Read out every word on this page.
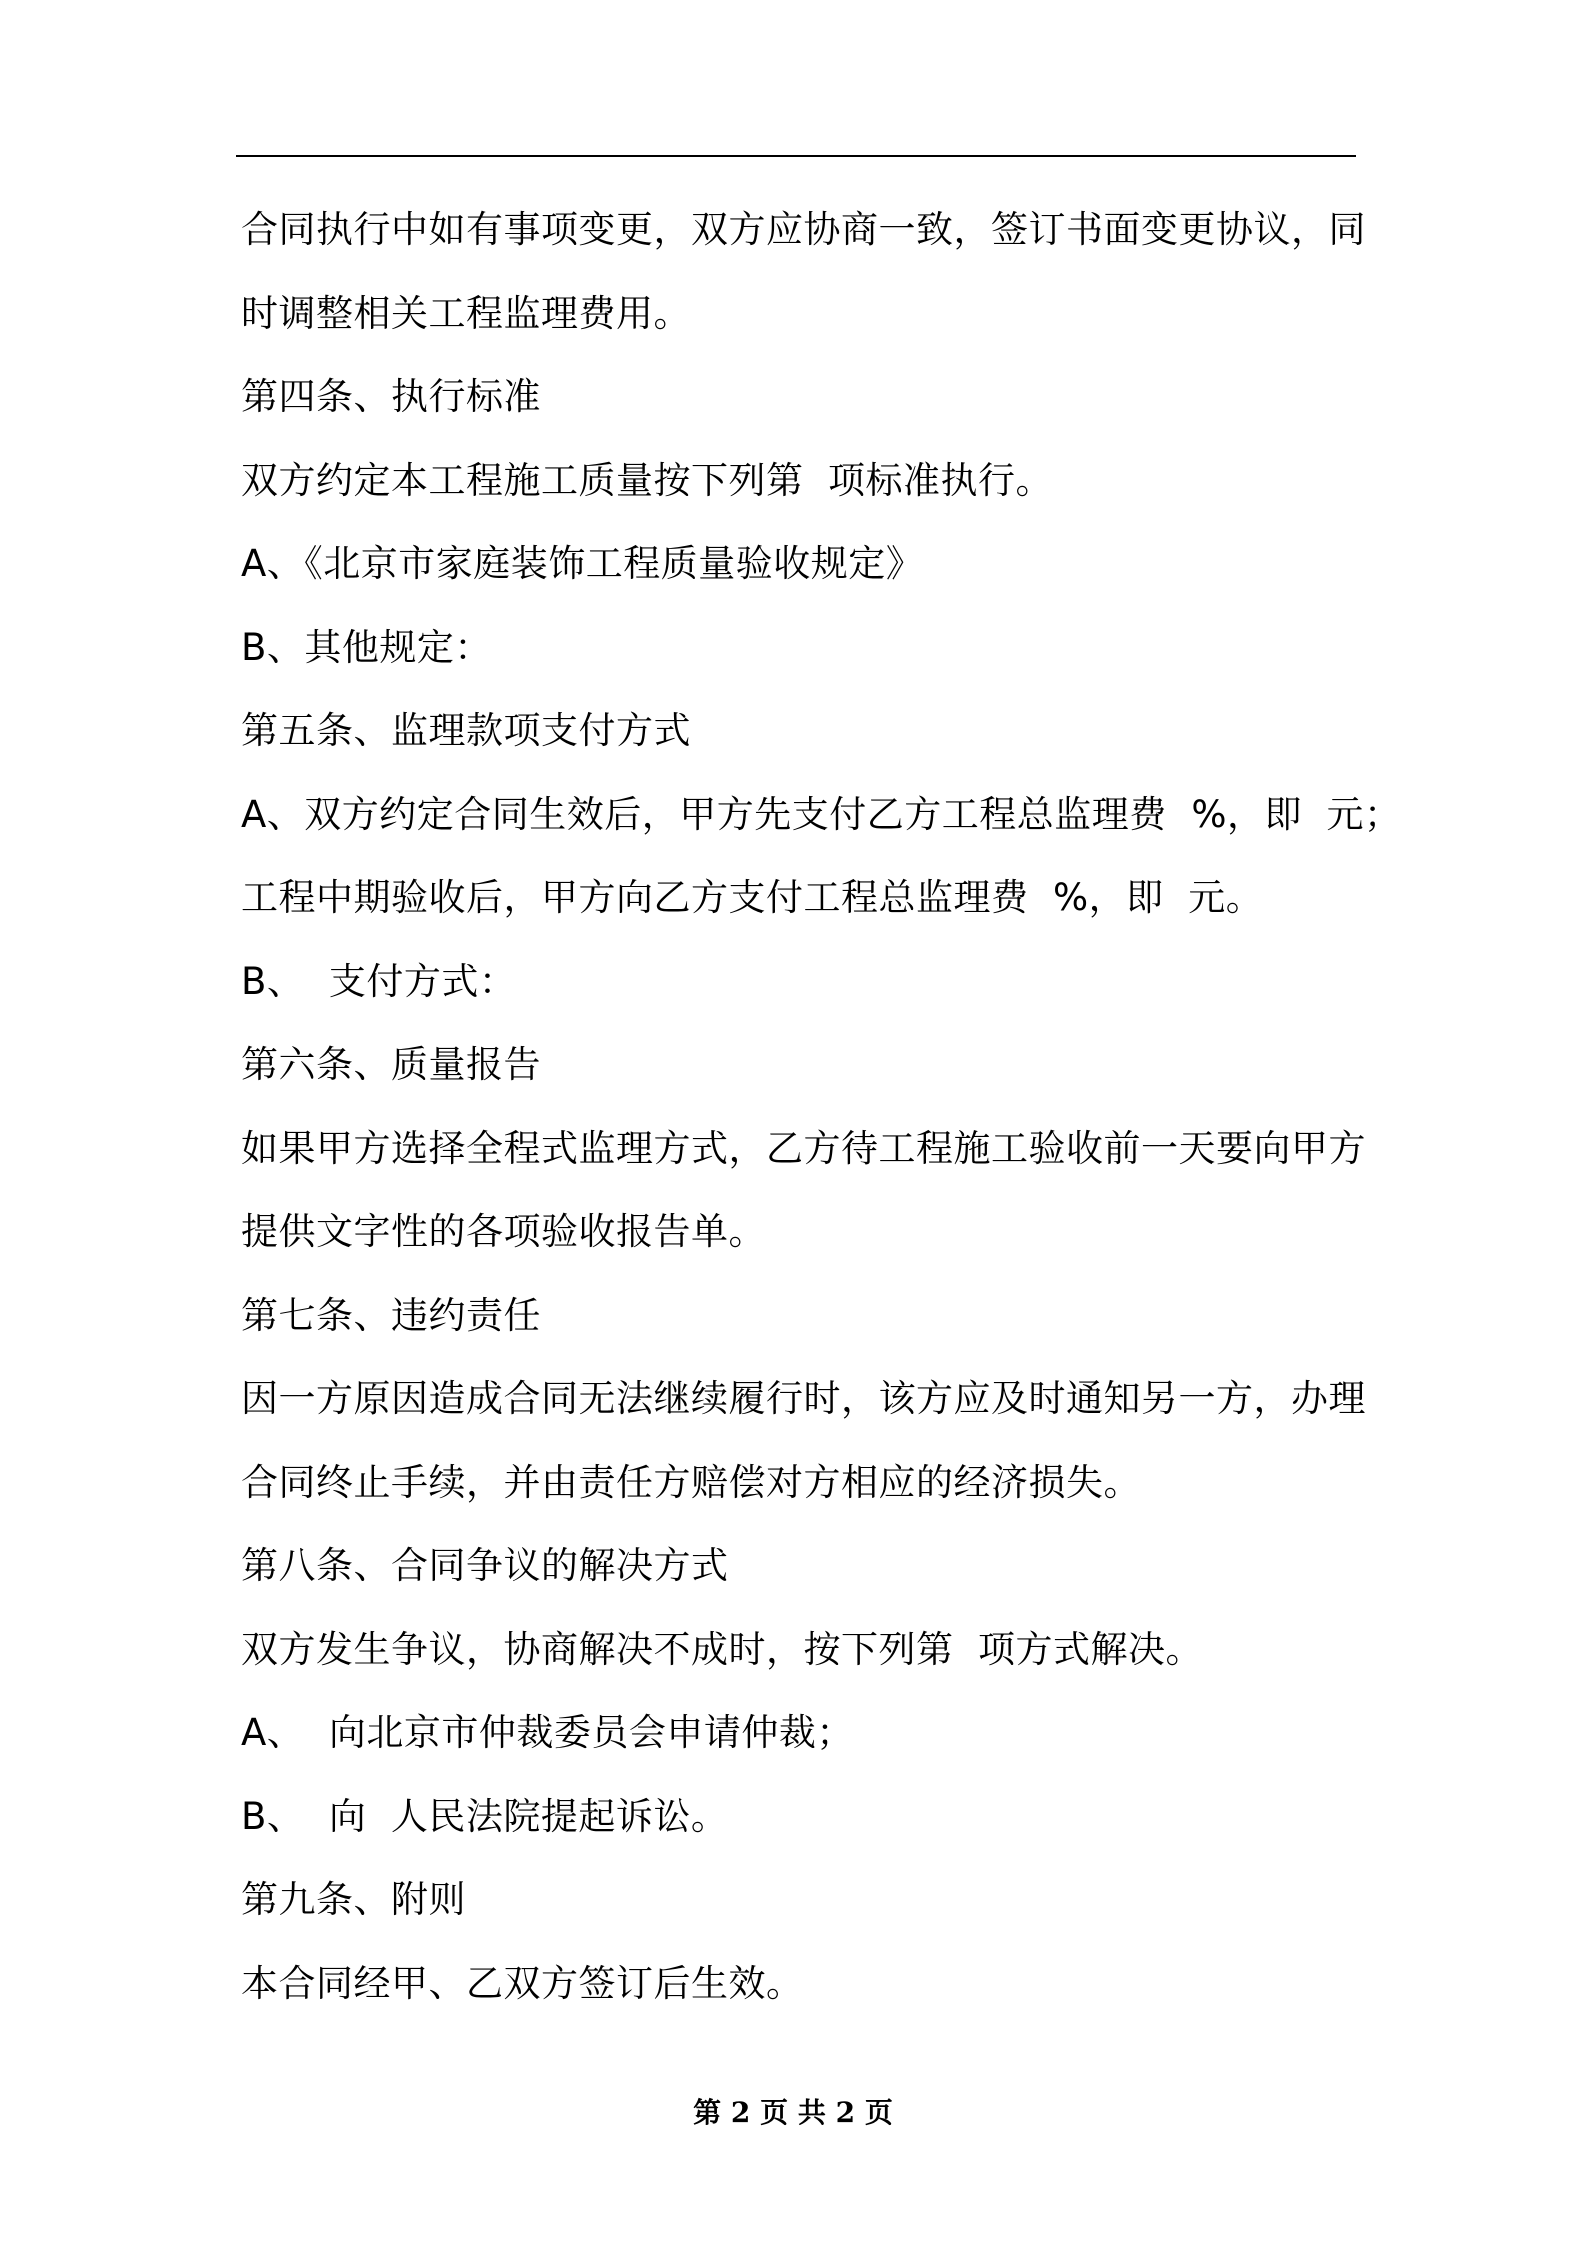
合同执行中如有事项变更，双方应协商一致，签订书面变更协议，同
时调整相关工程监理费用。
第四条、执行标准
双方约定本工程施工质量按下列第  项标准执行。
A、《北京市家庭装饰工程质量验收规定》
B、其他规定：
第五条、监理款项支付方式
A、双方约定合同生效后，甲方先支付乙方工程总监理费  %，即  元；
工程中期验收后，甲方向乙方支付工程总监理费  %，即  元。
B、  支付方式：
第六条、质量报告
如果甲方选择全程式监理方式，乙方待工程施工验收前一天要向甲方
提供文字性的各项验收报告单。
第七条、违约责任
因一方原因造成合同无法继续履行时，该方应及时通知另一方，办理
合同终止手续，并由责任方赔偿对方相应的经济损失。
第八条、合同争议的解决方式
双方发生争议，协商解决不成时，按下列第  项方式解决。
A、  向北京市仲裁委员会申请仲裁；
B、  向  人民法院提起诉讼。
第九条、附则
本合同经甲、乙双方签订后生效。
第 2 页 共 2 页
